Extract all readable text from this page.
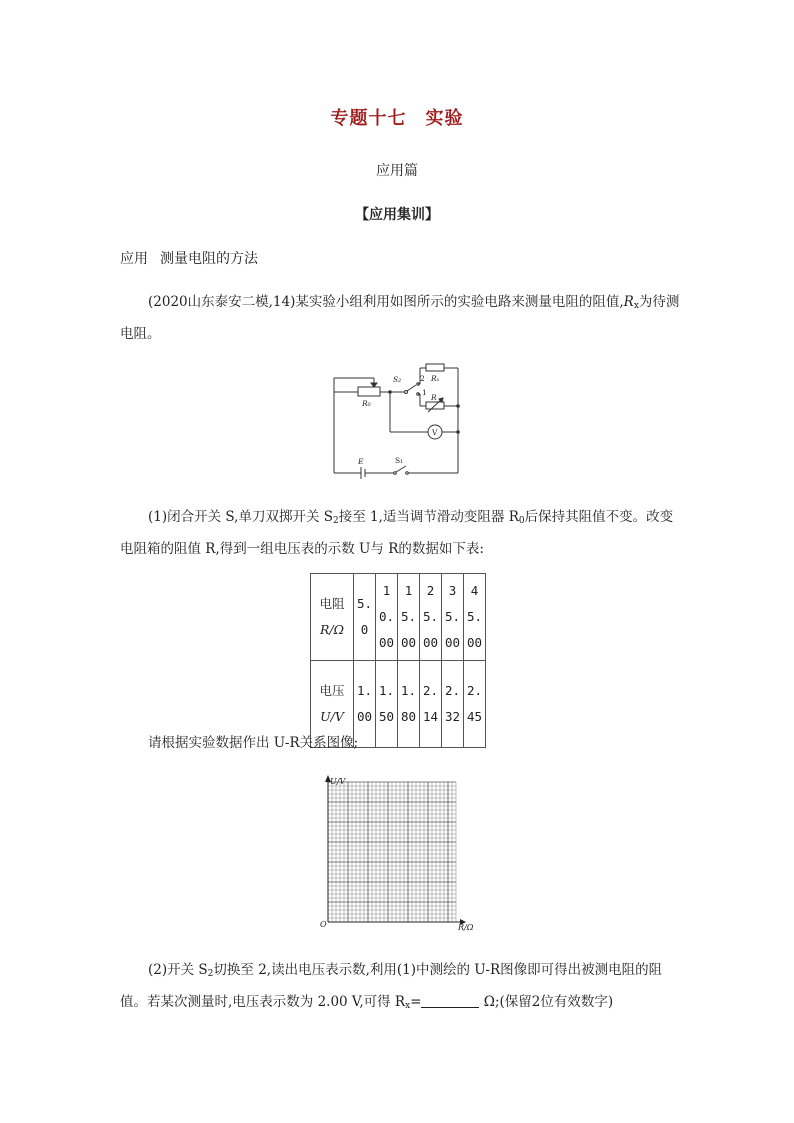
专题十七　实验
应用篇
【应用集训】
应用 测量电阻的方法
(2020山东泰安二模,14)某实验小组利用如图所示的实验电路来测量电阻的阻值$,R_x$为待测电阻。
R₀
S₂	2
1
Rₓ
R
V
E	S₁
(1)闭合开关 S,单刀双掷开关 $S_2$接至 1,适当调节滑动变阻器 $R_0$后保持其阻值不变。改变电阻箱的阻值 R,得到一组电压表的示数 U与 R的数据如下表:
电阻
R/Ω	5.0	10.00	15.00	25.00	35.00	45.00

电压
U/V	1.00	1.50	1.80	2.14	2.32	2.45
请根据实验数据作出 U-R关系图像;
U/V
R/Ω
O
(2)开关 $S_2$切换至 2,读出电压表示数,利用(1)中测绘的 U-R图像即可得出被测电阻的阻值。若某次测量时,电压表示数为 2.00 V,可得 $R_x=$	Ω;(保留2位有效数字)
